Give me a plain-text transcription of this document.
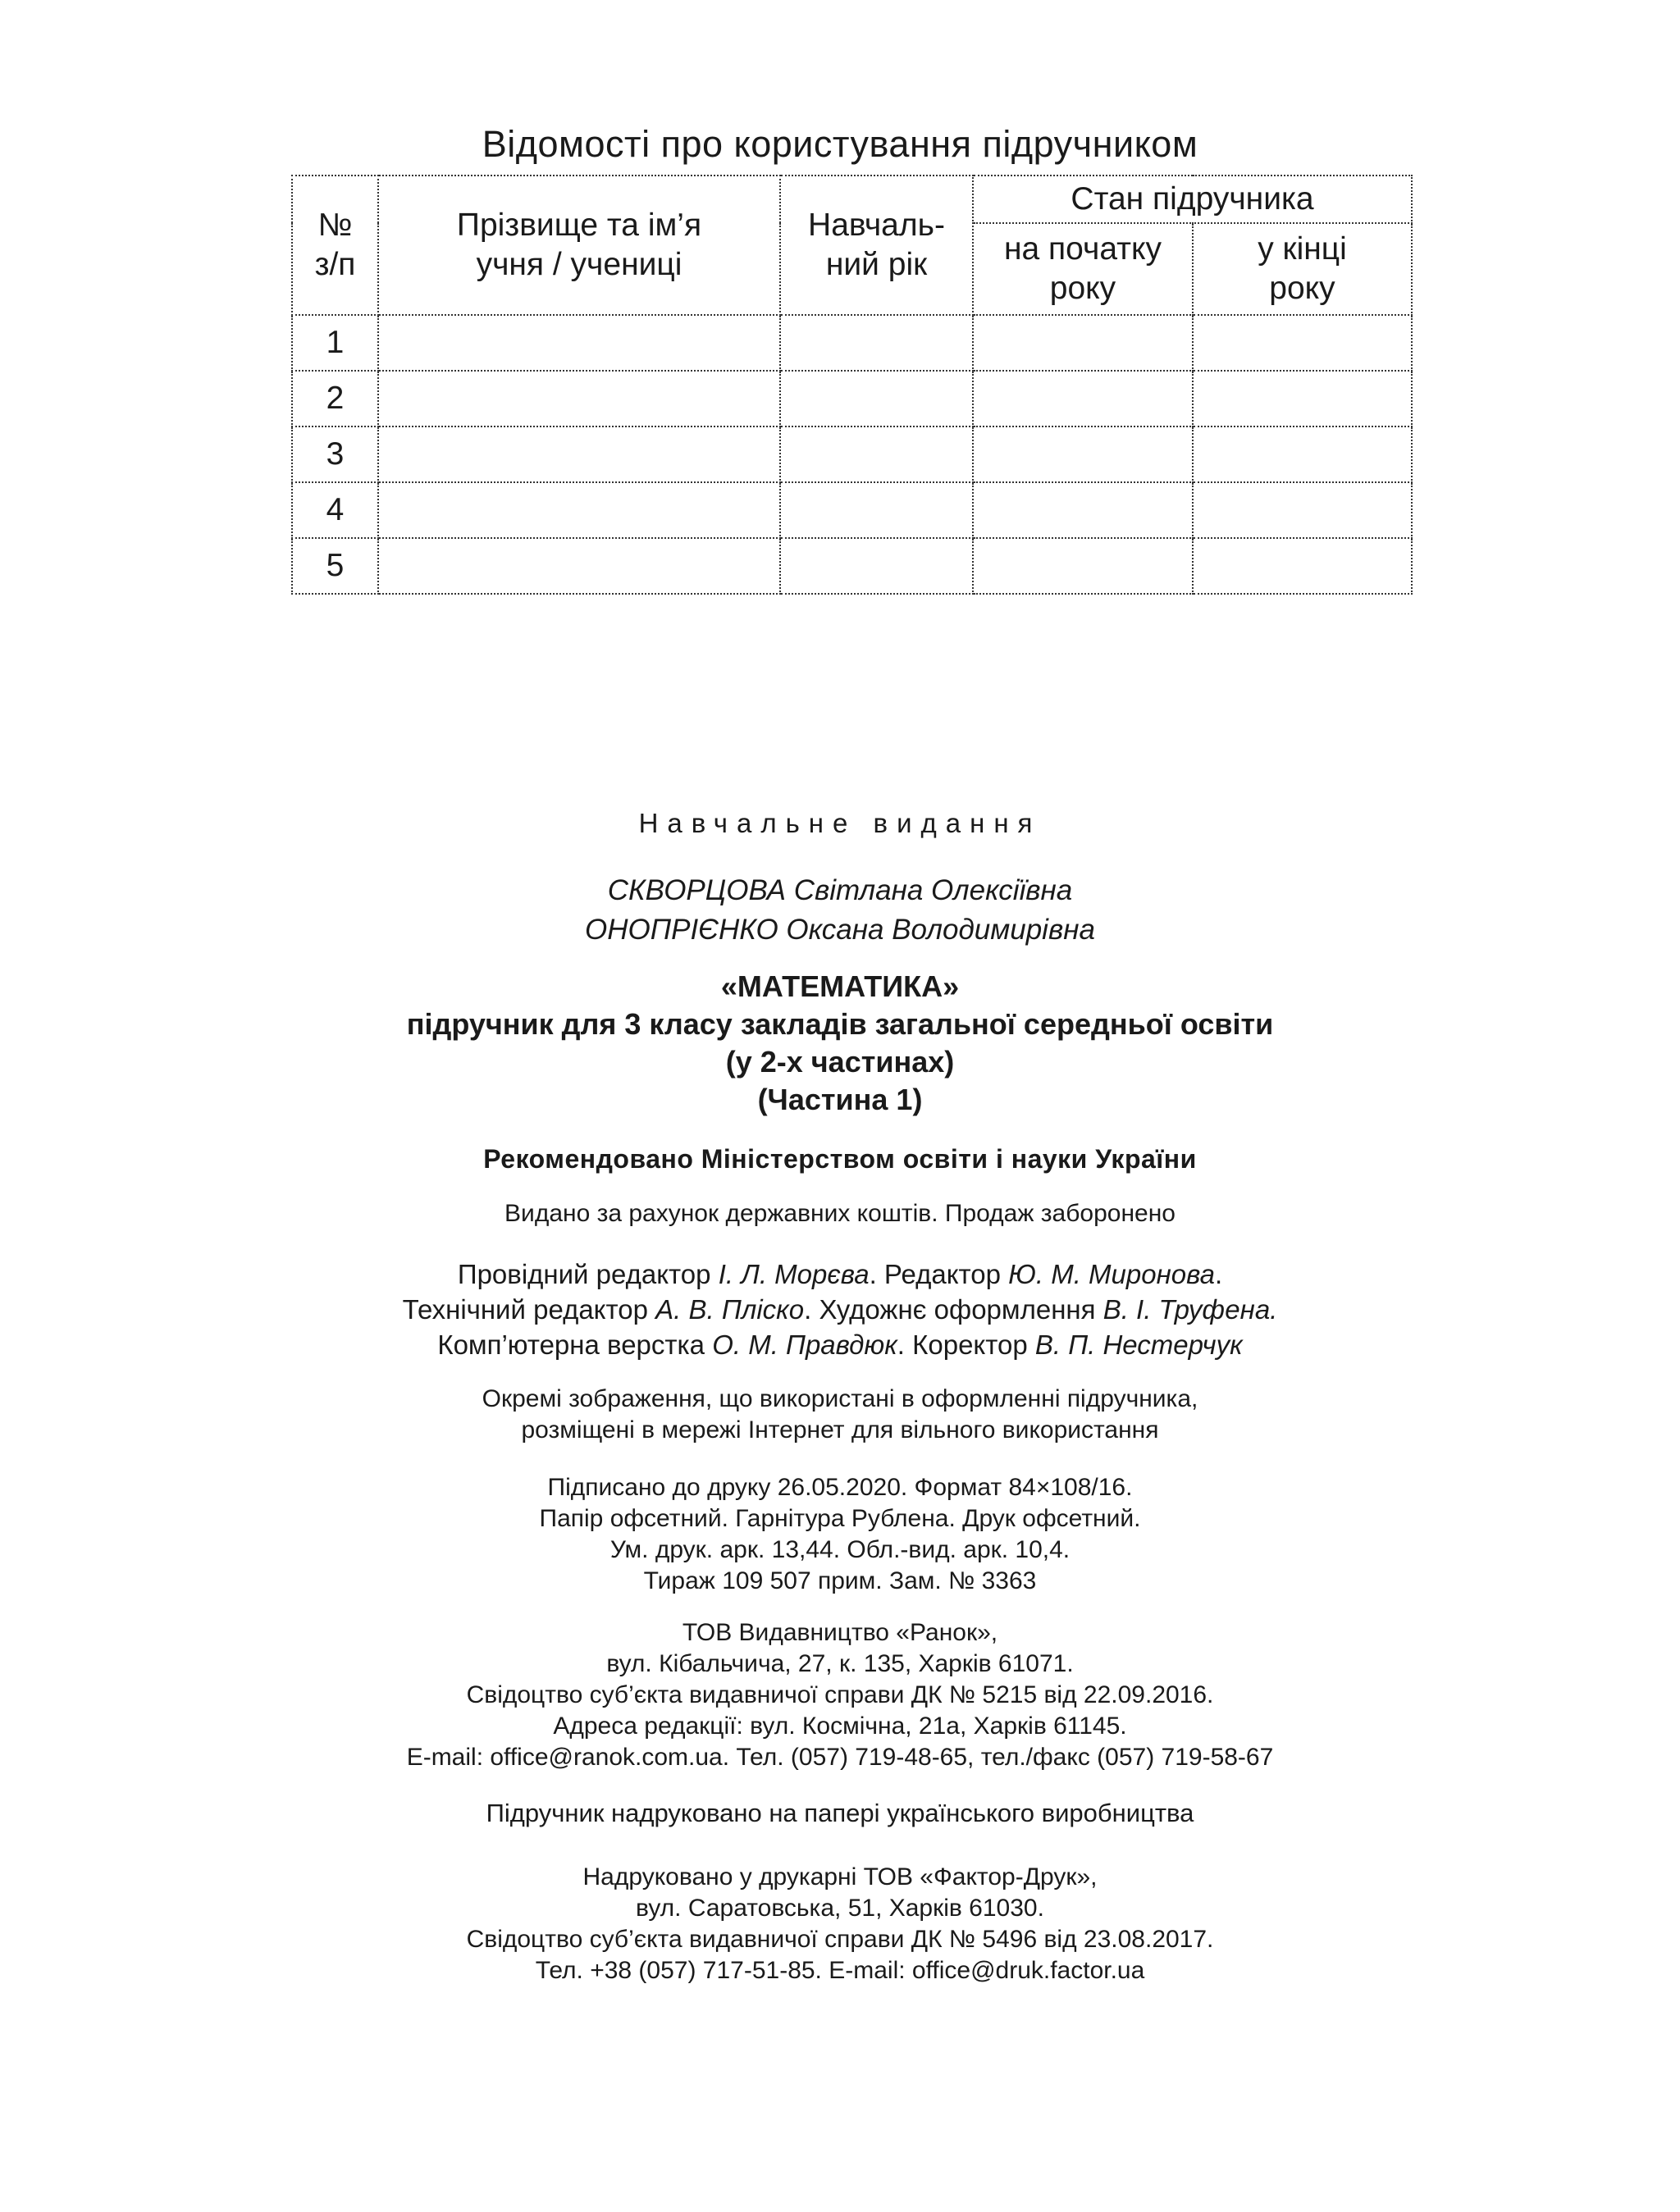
Відомості про користування підручником
№ з/п	Прізвище та ім’я учня / учениці	Навчаль-ний рік	Стан підручника	
			на початку року	у кінці року
1				
2				
3				
4				
5				
Навчальне видання
СКВОРЦОВА Світлана Олексіївна
ОНОПРІЄНКО Оксана Володимирівна
«МАТЕМАТИКА»
підручник для 3 класу закладів загальної середньої освіти
(у 2-х частинах)
(Частина 1)
Рекомендовано Міністерством освіти і науки України
Видано за рахунок державних коштів. Продаж заборонено
Провідний редактор І. Л. Морєва. Редактор Ю. М. Миронова.
Технічний редактор А. В. Пліско. Художнє оформлення В. І. Труфена.
Комп’ютерна верстка О. М. Правдюк. Коректор В. П. Нестерчук
Окремі зображення, що використані в оформленні підручника,
розміщені в мережі Інтернет для вільного використання
Підписано до друку 26.05.2020. Формат 84×108/16.
Папір офсетний. Гарнітура Рублена. Друк офсетний.
Ум. друк. арк. 13,44. Обл.-вид. арк. 10,4.
Тираж 109 507 прим. Зам. № 3363
ТОВ Видавництво «Ранок»,
вул. Кібальчича, 27, к. 135, Харків 61071.
Свідоцтво суб’єкта видавничої справи ДК № 5215 від 22.09.2016.
Адреса редакції: вул. Космічна, 21а, Харків 61145.
E-mail: office@ranok.com.ua. Тел. (057) 719-48-65, тел./факс (057) 719-58-67
Підручник надруковано на папері українського виробництва
Надруковано у друкарні ТОВ «Фактор-Друк»,
вул. Саратовська, 51, Харків 61030.
Свідоцтво суб’єкта видавничої справи ДК № 5496 від 23.08.2017.
Тел. +38 (057) 717-51-85. E-mail: office@druk.factor.ua
